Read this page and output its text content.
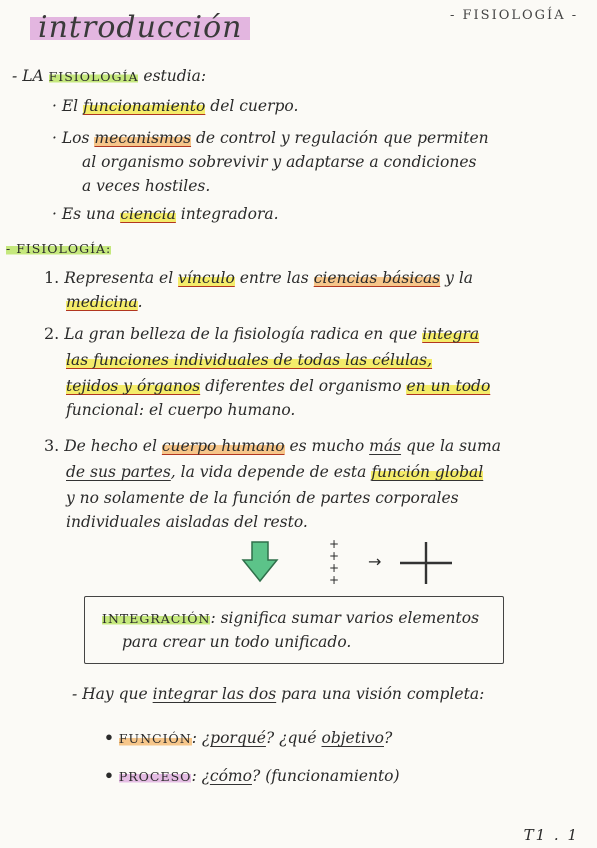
introducción	- FISIOLOGÍA -
- LA FISIOLOGÍA estudia:
· El funcionamiento del cuerpo.
· Los mecanismos de control y regulación que permiten
al organismo sobrevivir y adaptarse a condiciones
a veces hostiles.
· Es una ciencia integradora.
- FISIOLOGÍA:
1. Representa el vínculo entre las ciencias básicas y la
medicina.
2. La gran belleza de la fisiología radica en que integra
las funciones individuales de todas las células,
tejidos y órganos diferentes del organismo en un todo
funcional: el cuerpo humano.
3. De hecho el cuerpo humano es mucho más que la suma
de sus partes, la vida depende de esta función global
y no solamente de la función de partes corporales
individuales aisladas del resto.
+
+
+
+
→
INTEGRACIÓN: significa sumar varios elementos
para crear un todo unificado.
- Hay que integrar las dos para una visión completa:
• FUNCIÓN: ¿porqué? ¿qué objetivo?
• PROCESO: ¿cómo? (funcionamiento)
T1 . 1
